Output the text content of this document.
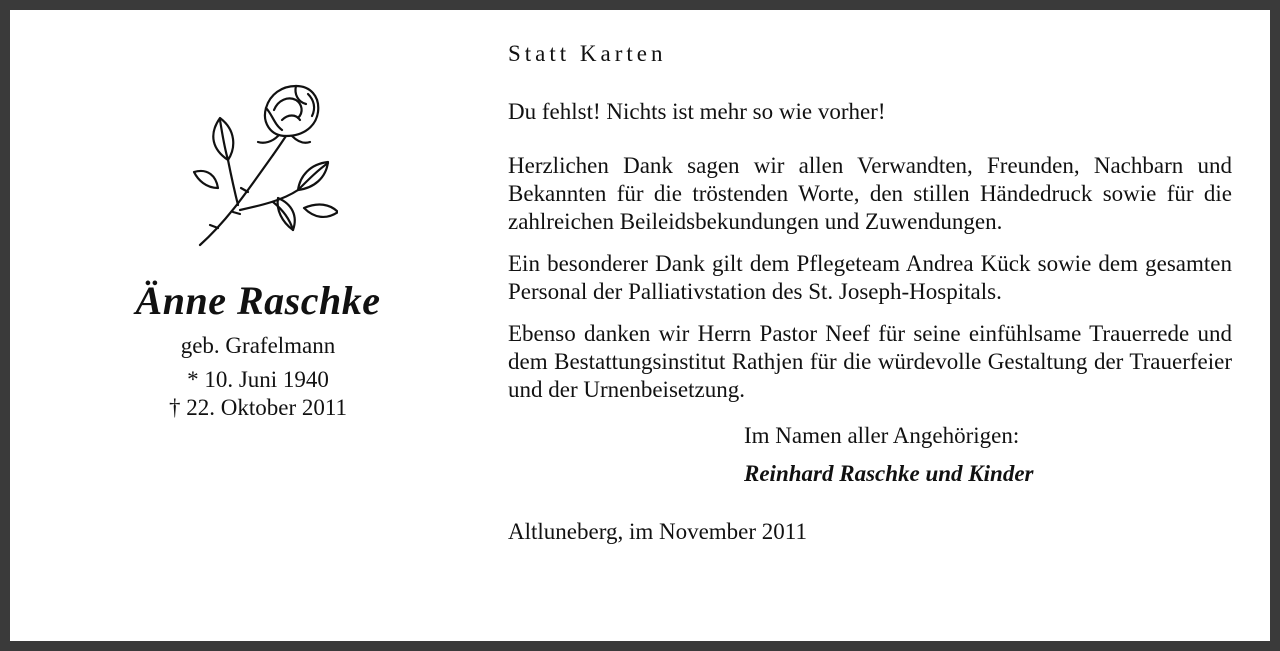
Änne Raschke
geb. Grafelmann
* 10. Juni 1940
† 22. Oktober 2011
Statt Karten
Du fehlst! Nichts ist mehr so wie vorher!
Herzlichen Dank sagen wir allen Verwandten, Freunden, Nachbarn und Bekannten für die tröstenden Worte, den stillen Händedruck sowie für die zahlreichen Beileidsbekundungen und Zuwendungen.
Ein besonderer Dank gilt dem Pflegeteam Andrea Kück sowie dem gesamten Personal der Palliativstation des St. Joseph-Hospitals.
Ebenso danken wir Herrn Pastor Neef für seine einfühlsame Trauerrede und dem Bestattungsinstitut Rathjen für die würdevolle Gestaltung der Trauerfeier und der Urnenbeisetzung.
Im Namen aller Angehörigen:
Reinhard Raschke und Kinder
Altluneberg, im November 2011
